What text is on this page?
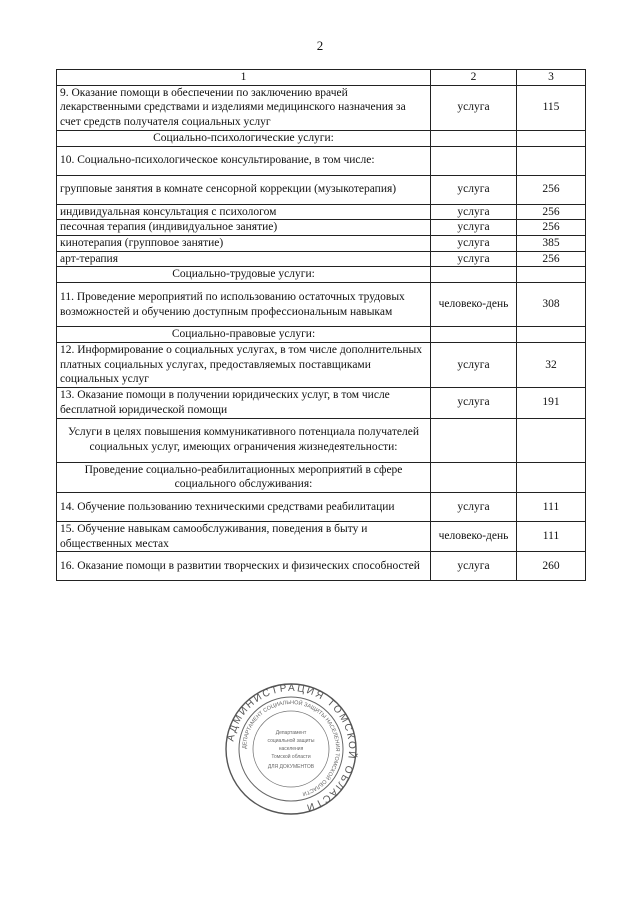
2
1	2	3
9. Оказание помощи в обеспечении по заключению врачей лекарственными средствами и изделиями медицинского назначения за счет средств получателя социальных услуг	услуга	115
Социально-психологические услуги:		
10. Социально-психологическое консультирование, в том числе:		
групповые занятия в комнате сенсорной коррекции (музыкотерапия)	услуга	256
индивидуальная консультация с психологом	услуга	256
песочная терапия (индивидуальное занятие)	услуга	256
кинотерапия (групповое занятие)	услуга	385
арт-терапия	услуга	256
Социально-трудовые услуги:		
11. Проведение мероприятий по использованию остаточных трудовых возможностей и обучению доступным профессиональным навыкам	человеко-день	308
Социально-правовые услуги:		
12. Информирование о социальных услугах, в том числе дополнительных платных социальных услугах, предоставляемых поставщиками социальных услуг	услуга	32
13. Оказание помощи в получении юридических услуг, в том числе бесплатной юридической помощи	услуга	191
Услуги в целях повышения коммуникативного потенциала получателей социальных услуг, имеющих ограничения жизнедеятельности:		
Проведение социально-реабилитационных мероприятий в сфере социального обслуживания:		
14. Обучение пользованию техническими средствами реабилитации	услуга	111
15. Обучение навыкам самообслуживания, поведения в быту и общественных местах	человеко-день	111
16. Оказание помощи в развитии творческих и физических способностей	услуга	260
АДМИНИСТРАЦИЯ ТОМСКОЙ ОБЛАСТИ
ДЕПАРТАМЕНТ СОЦИАЛЬНОЙ ЗАЩИТЫ НАСЕЛЕНИЯ ТОМСКОЙ ОБЛАСТИ
Департамент
социальной защиты
населения
Томской области
ДЛЯ ДОКУМЕНТОВ
